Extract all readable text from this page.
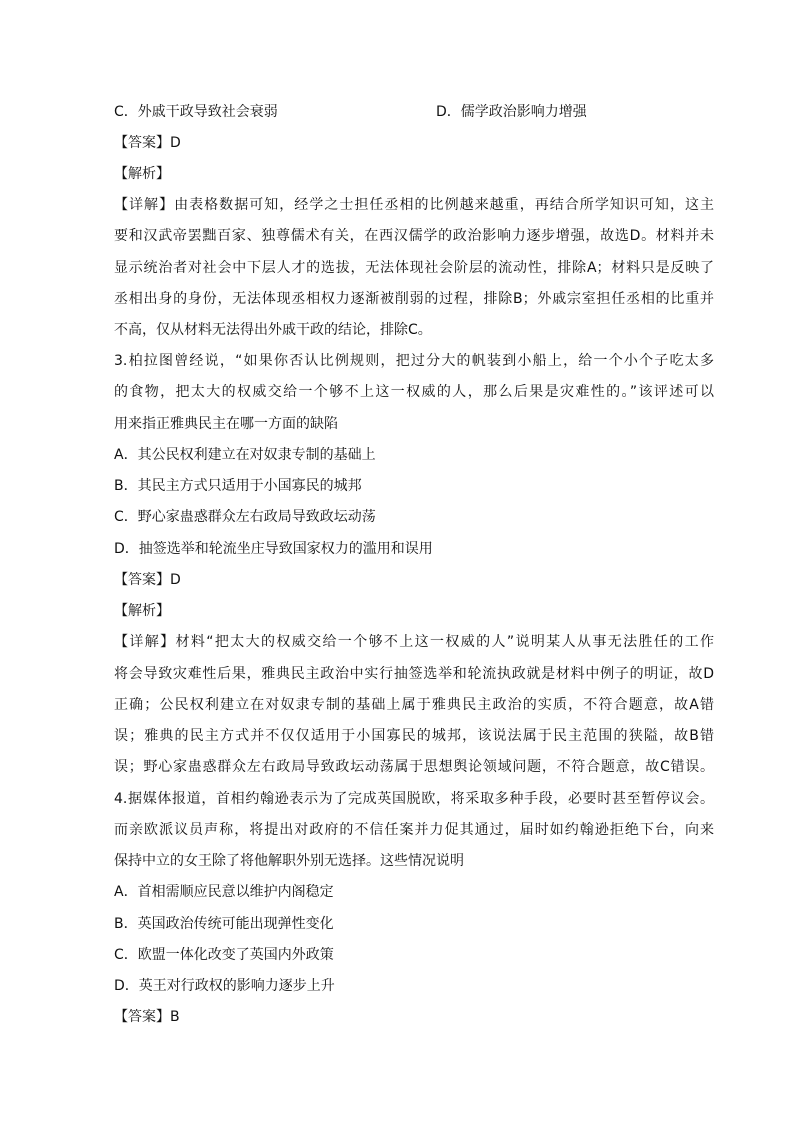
C．外戚干政导致社会衰弱	D．儒学政治影响力增强
【答案】D
【解析】
【详解】由表格数据可知，经学之士担任丞相的比例越来越重，再结合所学知识可知，这主
要和汉武帝罢黜百家、独尊儒术有关，在西汉儒学的政治影响力逐步增强，故选D。材料并未
显示统治者对社会中下层人才的选拔，无法体现社会阶层的流动性，排除A；材料只是反映了
丞相出身的身份，无法体现丞相权力逐渐被削弱的过程，排除B；外戚宗室担任丞相的比重并
不高，仅从材料无法得出外戚干政的结论，排除C。
3.柏拉图曾经说，“如果你否认比例规则，把过分大的帆装到小船上，给一个小个子吃太多
的食物，把太大的权威交给一个够不上这一权威的人，那么后果是灾难性的。”该评述可以
用来指正雅典民主在哪一方面的缺陷
A．其公民权利建立在对奴隶专制的基础上
B．其民主方式只适用于小国寡民的城邦
C．野心家蛊惑群众左右政局导致政坛动荡
D．抽签选举和轮流坐庄导致国家权力的滥用和误用
【答案】D
【解析】
【详解】材料“把太大的权威交给一个够不上这一权威的人”说明某人从事无法胜任的工作
将会导致灾难性后果，雅典民主政治中实行抽签选举和轮流执政就是材料中例子的明证，故D
正确；公民权利建立在对奴隶专制的基础上属于雅典民主政治的实质，不符合题意，故A错
误；雅典的民主方式并不仅仅适用于小国寡民的城邦，该说法属于民主范围的狭隘，故B错
误；野心家蛊惑群众左右政局导致政坛动荡属于思想舆论领域问题，不符合题意，故C错误。
4.据媒体报道，首相约翰逊表示为了完成英国脱欧，将采取多种手段，必要时甚至暂停议会。
而亲欧派议员声称，将提出对政府的不信任案并力促其通过，届时如约翰逊拒绝下台，向来
保持中立的女王除了将他解职外别无选择。这些情况说明
A．首相需顺应民意以维护内阁稳定
B．英国政治传统可能出现弹性变化
C．欧盟一体化改变了英国内外政策
D．英王对行政权的影响力逐步上升
【答案】B
